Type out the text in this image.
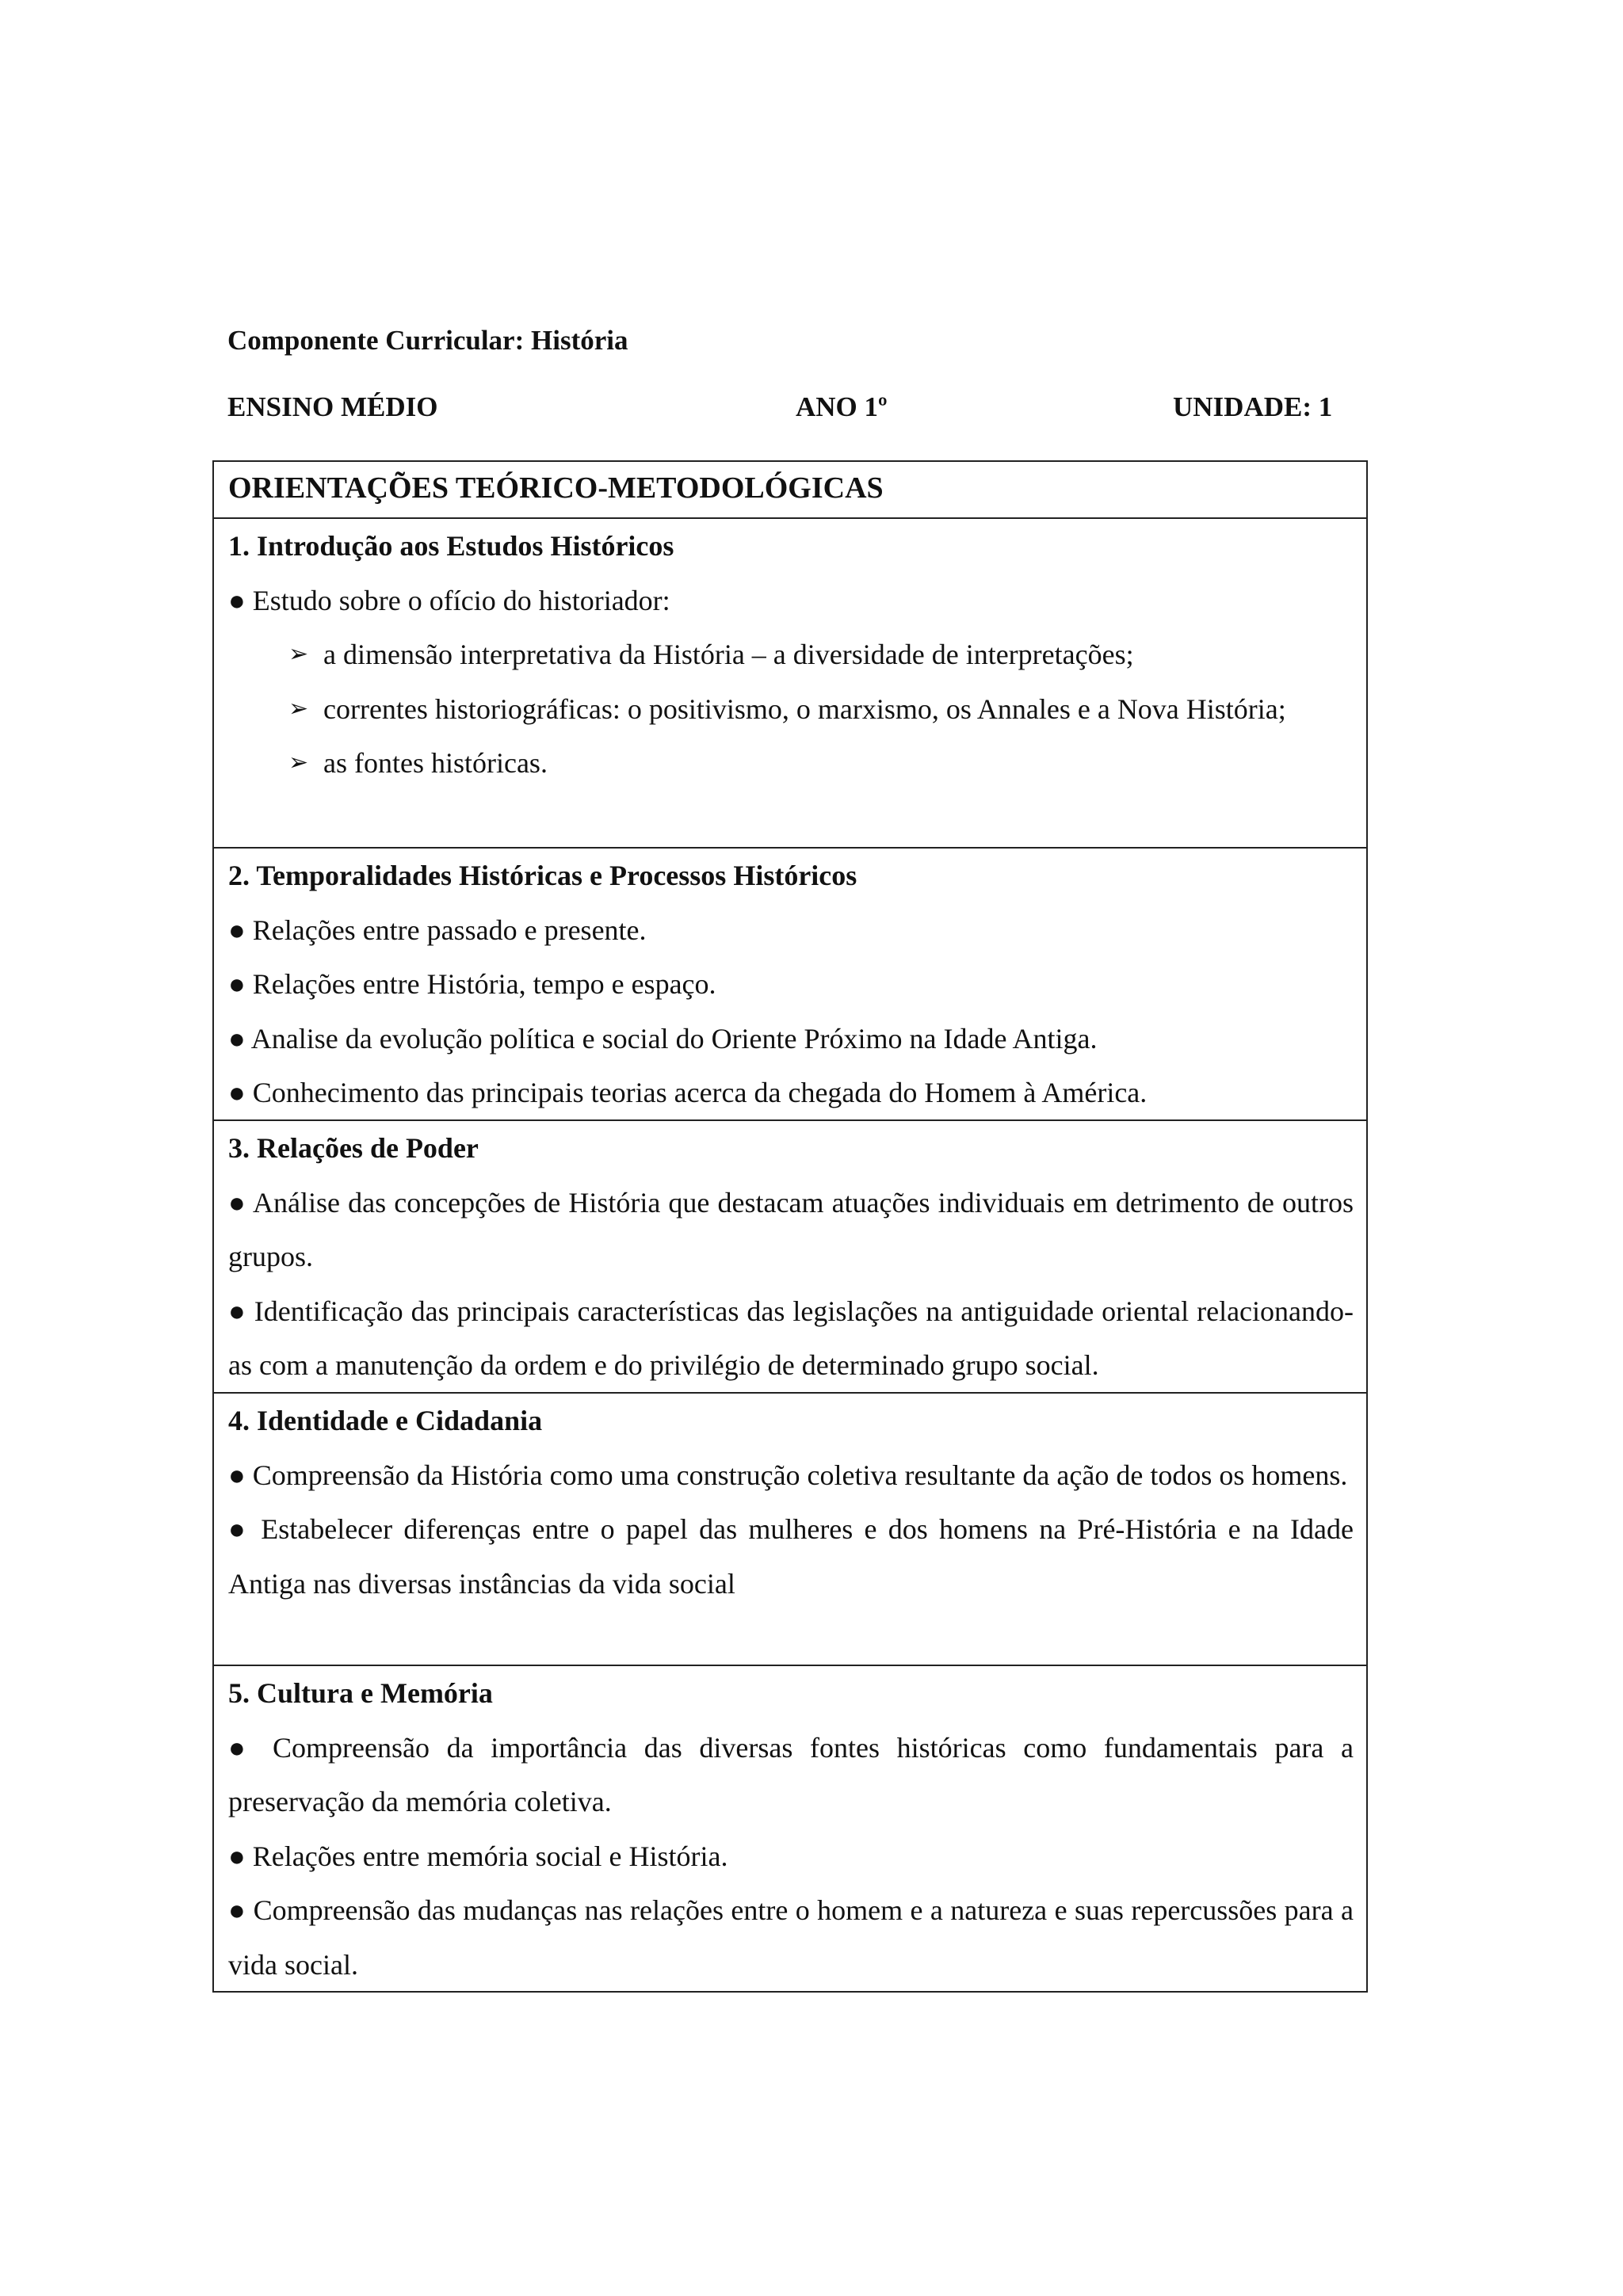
Componente Curricular: História
ENSINO MÉDIO	ANO 1º	UNIDADE: 1
ORIENTAÇÕES TEÓRICO-METODOLÓGICAS
1. Introdução aos Estudos Históricos
● Estudo sobre o ofício do historiador:
➢ a dimensão interpretativa da História – a diversidade de interpretações;
➢ correntes historiográficas: o positivismo, o marxismo, os Annales e a Nova História;
➢ as fontes históricas.
2. Temporalidades Históricas e Processos Históricos
● Relações entre passado e presente.
● Relações entre História, tempo e espaço.
● Analise da evolução política e social do Oriente Próximo na Idade Antiga.
● Conhecimento das principais teorias acerca da chegada do Homem à América.
3. Relações de Poder
● Análise das concepções de História que destacam atuações individuais em detrimento de outros grupos.
● Identificação das principais características das legislações na antiguidade oriental relacionando-as com a manutenção da ordem e do privilégio de determinado grupo social.
4. Identidade e Cidadania
● Compreensão da História como uma construção coletiva resultante da ação de todos os homens.
● Estabelecer diferenças entre o papel das mulheres e dos homens na Pré-História e na Idade Antiga nas diversas instâncias da vida social
5. Cultura e Memória
● Compreensão da importância das diversas fontes históricas como fundamentais para a preservação da memória coletiva.
● Relações entre memória social e História.
● Compreensão das mudanças nas relações entre o homem e a natureza e suas repercussões para a vida social.
